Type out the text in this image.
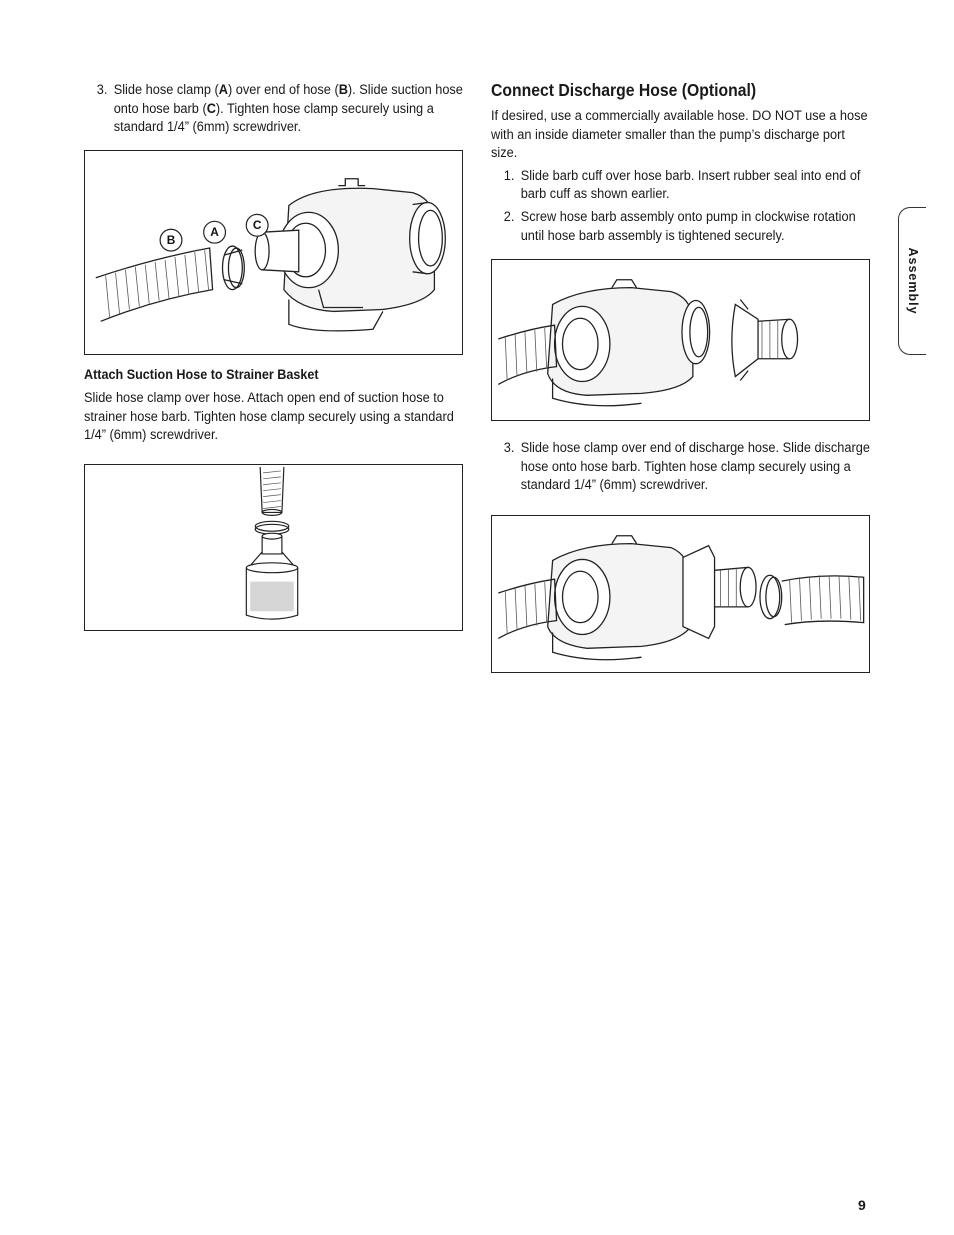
3. Slide hose clamp (A) over end of hose (B). Slide suction hose onto hose barb (C). Tighten hose clamp securely using a standard 1/4” (6mm) screwdriver.
B
A	C
Attach Suction Hose to Strainer Basket
Slide hose clamp over hose. Attach open end of suction hose to strainer hose barb. Tighten hose clamp securely using a standard 1/4” (6mm) screwdriver.
Connect Discharge Hose (Optional)
If desired, use a commercially available hose. DO NOT use a hose with an inside diameter smaller than the pump’s discharge port size.
1. Slide barb cuff over hose barb. Insert rubber seal into end of barb cuff as shown earlier.
2. Screw hose barb assembly onto pump in clockwise rotation until hose barb assembly is tightened securely.
3. Slide hose clamp over end of discharge hose. Slide discharge hose onto hose barb. Tighten hose clamp securely using a standard 1/4” (6mm) screwdriver.
Assembly
9
